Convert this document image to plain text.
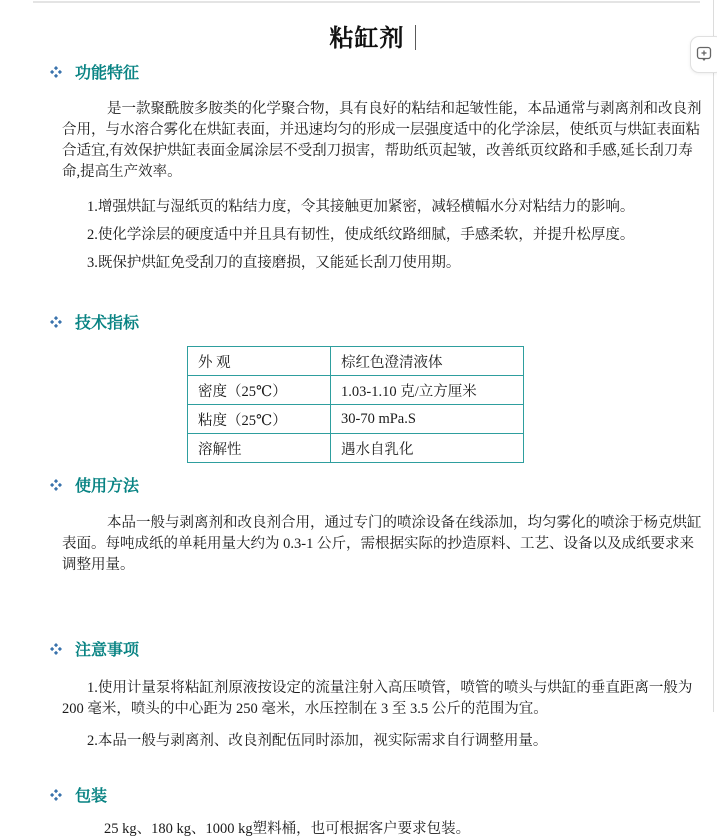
粘缸剂
功能特征

是一款聚酰胺多胺类的化学聚合物，具有良好的粘结和起皱性能，本品通常与剥离剂和改良剂合用，与水溶合雾化在烘缸表面，并迅速均匀的形成一层强度适中的化学涂层，使纸页与烘缸表面粘合适宜,有效保护烘缸表面金属涂层不受刮刀损害，帮助纸页起皱，改善纸页纹路和手感,延长刮刀寿命,提高生产效率。

1.增强烘缸与湿纸页的粘结力度，令其接触更加紧密，减轻横幅水分对粘结力的影响。

2.使化学涂层的硬度适中并且具有韧性，使成纸纹路细腻，手感柔软，并提升松厚度。

3.既保护烘缸免受刮刀的直接磨损，又能延长刮刀使用期。

技术指标
外 观	棕红色澄清液体
密度（25℃）	1.03-1.10 克/立方厘米
粘度（25℃）	30-70 mPa.S
溶解性	遇水自乳化
使用方法

本品一般与剥离剂和改良剂合用，通过专门的喷涂设备在线添加，均匀雾化的喷涂于杨克烘缸表面。每吨成纸的单耗用量大约为 0.3-1 公斤，需根据实际的抄造原料、工艺、设备以及成纸要求来调整用量。

注意事项

1.使用计量泵将粘缸剂原液按设定的流量注射入高压喷管，喷管的喷头与烘缸的垂直距离一般为 200 毫米，喷头的中心距为 250 毫米，水压控制在 3 至 3.5 公斤的范围为宜。

2.本品一般与剥离剂、改良剂配伍同时添加，视实际需求自行调整用量。

包装

25 kg、180 kg、1000 kg塑料桶，也可根据客户要求包装。
